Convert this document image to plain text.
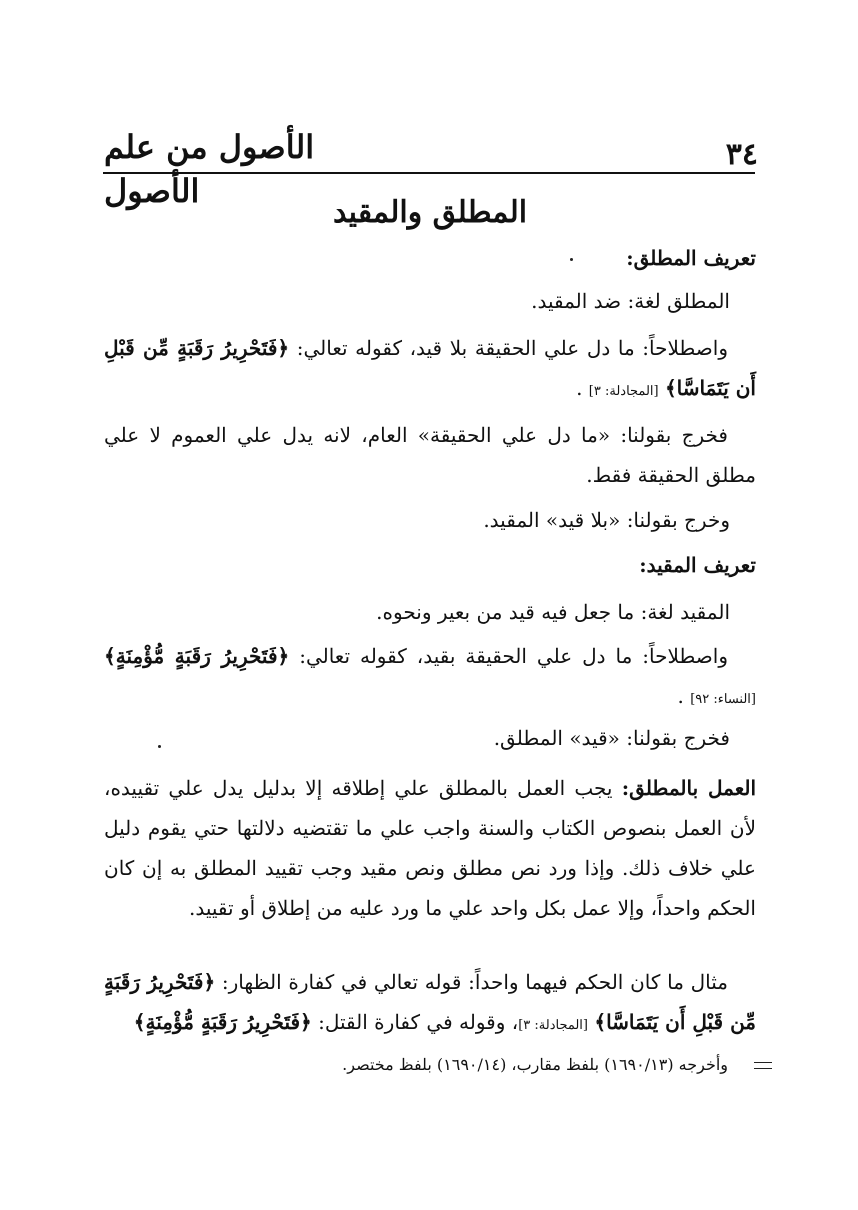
٣٤
الأصول من علم الأصول
المطلق والمقيد
تعريف المطلق:
المطلق لغة: ضد المقيد.
واصطلاحاً: ما دل علي الحقيقة بلا قيد، كقوله تعالي: ﴿فَتَحْرِيرُ رَقَبَةٍ مِّن قَبْلِ أَن يَتَمَاسَّا﴾ [المجادلة: ٣] .
فخرج بقولنا: «ما دل علي الحقيقة» العام، لانه يدل علي العموم لا علي مطلق الحقيقة فقط.
وخرج بقولنا: «بلا قيد» المقيد.
تعريف المقيد:
المقيد لغة: ما جعل فيه قيد من بعير ونحوه.
واصطلاحاً: ما دل علي الحقيقة بقيد، كقوله تعالي: ﴿فَتَحْرِيرُ رَقَبَةٍ مُّؤْمِنَةٍ﴾ [النساء: ٩٢] .
فخرج بقولنا: «قيد» المطلق.
العمل بالمطلق: يجب العمل بالمطلق علي إطلاقه إلا بدليل يدل علي تقييده، لأن العمل بنصوص الكتاب والسنة واجب علي ما تقتضيه دلالتها حتي يقوم دليل علي خلاف ذلك. وإذا ورد نص مطلق ونص مقيد وجب تقييد المطلق به إن كان الحكم واحداً، وإلا عمل بكل واحد علي ما ورد عليه من إطلاق أو تقييد.
مثال ما كان الحكم فيهما واحداً: قوله تعالي في كفارة الظهار: ﴿فَتَحْرِيرُ رَقَبَةٍ مِّن قَبْلِ أَن يَتَمَاسَّا﴾ [المجادلة: ٣]، وقوله في كفارة القتل: ﴿فَتَحْرِيرُ رَقَبَةٍ مُّؤْمِنَةٍ﴾
وأخرجه (١٦٩٠/١٣) بلفظ مقارب، (١٦٩٠/١٤) بلفظ مختصر.
